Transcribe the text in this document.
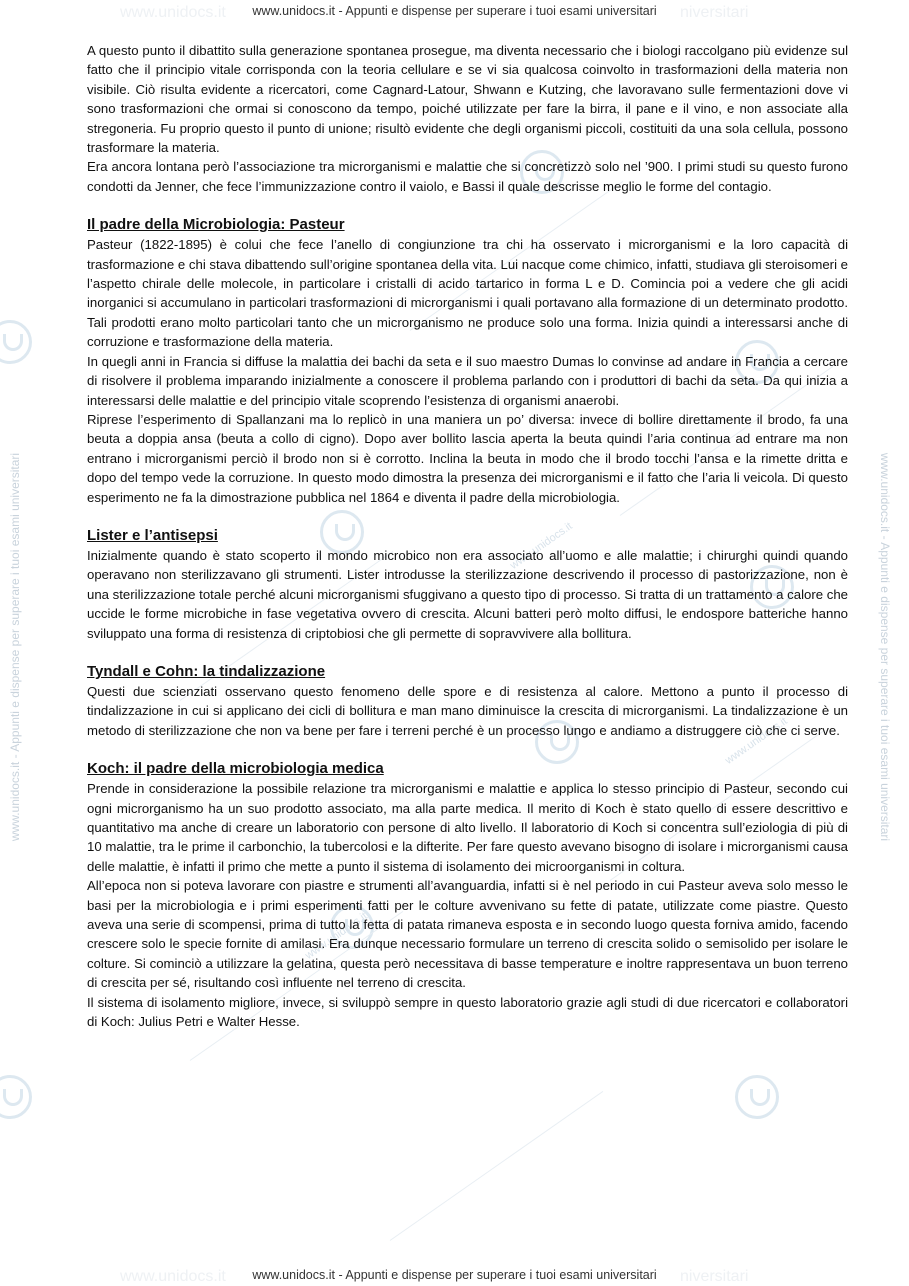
www.unidocs.it	niversitari
www.unidocs.it	niversitari
www.unidocs.it - Appunti e dispense per superare i tuoi esami universitari
www.unidocs.it - Appunti e dispense per superare i tuoi esami universitari
www.unidocs.it - Appunti e dispense per superare i tuoi esami universitari	www.unidocs.it - Appunti e dispense per superare i tuoi esami universitari
www.unidocs.it
www.unidocs.it
www.unidocs.it

A questo punto il dibattito sulla generazione spontanea prosegue, ma diventa necessario che i biologi raccolgano più evidenze sul fatto che il principio vitale corrisponda con la teoria cellulare e se vi sia qualcosa coinvolto in trasformazioni della materia non visibile. Ciò risulta evidente a ricercatori, come Cagnard-Latour, Shwann e Kutzing, che lavoravano sulle fermentazioni dove vi sono trasformazioni che ormai si conoscono da tempo, poiché utilizzate per fare la birra, il pane e il vino, e non associate alla stregoneria. Fu proprio questo il punto di unione; risultò evidente che degli organismi piccoli, costituiti da una sola cellula, possono trasformare la materia.

Era ancora lontana però l’associazione tra microrganismi e malattie che si concretizzò solo nel ’900. I primi studi su questo furono condotti da Jenner, che fece l’immunizzazione contro il vaiolo, e Bassi il quale descrisse meglio le forme del contagio.

Il padre della Microbiologia: Pasteur

Pasteur (1822-1895) è colui che fece l’anello di congiunzione tra chi ha osservato i microrganismi e la loro capacità di trasformazione e chi stava dibattendo sull’origine spontanea della vita. Lui nacque come chimico, infatti, studiava gli steroisomeri e l’aspetto chirale delle molecole, in particolare i cristalli di acido tartarico in forma L e D. Comincia poi a vedere che gli acidi inorganici si accumulano in particolari trasformazioni di microrganismi i quali portavano alla formazione di un determinato prodotto. Tali prodotti erano molto particolari tanto che un microrganismo ne produce solo una forma. Inizia quindi a interessarsi anche di corruzione e trasformazione della materia.

In quegli anni in Francia si diffuse la malattia dei bachi da seta e il suo maestro Dumas lo convinse ad andare in Francia a cercare di risolvere il problema imparando inizialmente a conoscere il problema parlando con i produttori di bachi da seta. Da qui inizia a interessarsi delle malattie e del principio vitale scoprendo l’esistenza di organismi anaerobi.

Riprese l’esperimento di Spallanzani ma lo replicò in una maniera un po’ diversa: invece di bollire direttamente il brodo, fa una beuta a doppia ansa (beuta a collo di cigno). Dopo aver bollito lascia aperta la beuta quindi l’aria continua ad entrare ma non entrano i microrganismi perciò il brodo non si è corrotto. Inclina la beuta in modo che il brodo tocchi l’ansa e la rimette dritta e dopo del tempo vede la corruzione. In questo modo dimostra la presenza dei microrganismi e il fatto che l’aria li veicola. Di questo esperimento ne fa la dimostrazione pubblica nel 1864 e diventa il padre della microbiologia.

Lister e l’antisepsi

Inizialmente quando è stato scoperto il mondo microbico non era associato all’uomo e alle malattie; i chirurghi quindi quando operavano non sterilizzavano gli strumenti. Lister introdusse la sterilizzazione descrivendo il processo di pastorizzazione, non è una sterilizzazione totale perché alcuni microrganismi sfuggivano a questo tipo di processo. Si tratta di un trattamento a calore che uccide le forme microbiche in fase vegetativa ovvero di crescita. Alcuni batteri però molto diffusi, le endospore batteriche hanno sviluppato una forma di resistenza di criptobiosi che gli permette di sopravvivere alla bollitura.

Tyndall e Cohn: la tindalizzazione

Questi due scienziati osservano questo fenomeno delle spore e di resistenza al calore. Mettono a punto il processo di tindalizzazione in cui si applicano dei cicli di bollitura e man mano diminuisce la crescita di microrganismi. La tindalizzazione è un metodo di sterilizzazione che non va bene per fare i terreni perché è un processo lungo e andiamo a distruggere ciò che ci serve.

Koch: il padre della microbiologia medica

Prende in considerazione la possibile relazione tra microrganismi e malattie e applica lo stesso principio di Pasteur, secondo cui ogni microrganismo ha un suo prodotto associato, ma alla parte medica. Il merito di Koch è stato quello di essere descrittivo e quantitativo ma anche di creare un laboratorio con persone di alto livello. Il laboratorio di Koch si concentra sull’eziologia di più di 10 malattie, tra le prime il carbonchio, la tubercolosi e la difterite. Per fare questo avevano bisogno di isolare i microrganismi causa delle malattie, è infatti il primo che mette a punto il sistema di isolamento dei microorganismi in coltura.

All’epoca non si poteva lavorare con piastre e strumenti all’avanguardia, infatti si è nel periodo in cui Pasteur aveva solo messo le basi per la microbiologia e i primi esperimenti fatti per le colture avvenivano su fette di patate, utilizzate come piastre. Questo aveva una serie di scompensi, prima di tutto la fetta di patata rimaneva esposta e in secondo luogo questa forniva amido, facendo crescere solo le specie fornite di amilasi. Era dunque necessario formulare un terreno di crescita solido o semisolido per isolare le colture. Si cominciò a utilizzare la gelatina, questa però necessitava di basse temperature e inoltre rappresentava un buon terreno di crescita per sé, risultando così influente nel terreno di crescita.

Il sistema di isolamento migliore, invece, si sviluppò sempre in questo laboratorio grazie agli studi di due ricercatori e collaboratori di Koch: Julius Petri e Walter Hesse.
